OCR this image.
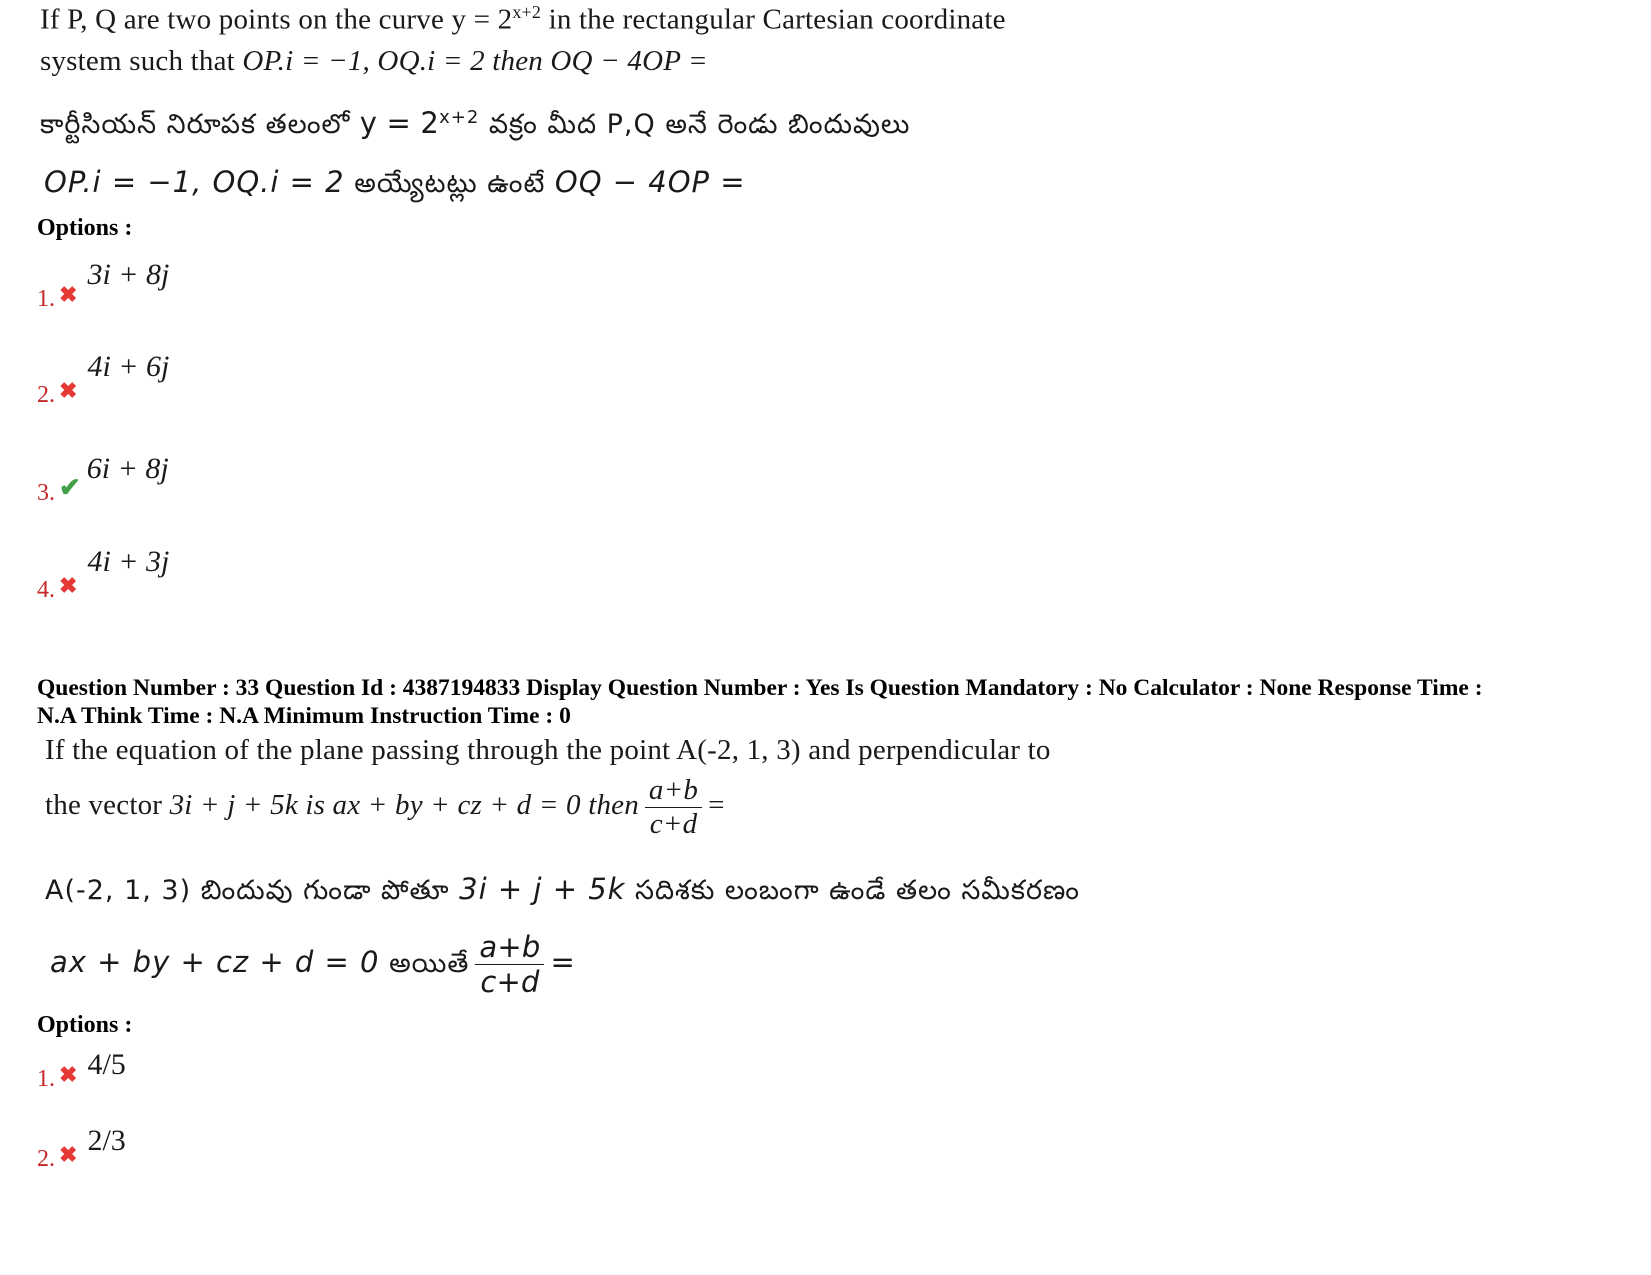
If P, Q are two points on the curve $y = 2^{x+2}$ in the rectangular Cartesian coordinate
system such that OP.i = −1, OQ.i = 2 then OQ − 4OP =
కార్టీసియన్ నిరూపక తలంలో $y = 2^{x+2}$ వక్రం మీద P,Q అనే రెండు బిందువులు
OP.i = −1, OQ.i = 2 అయ్యేటట్లు ఉంటే OQ − 4OP =
Options :
1. ✖ 3i + 8j
2. ✖ 4i + 6j
3. ✔ 6i + 8j
4. ✖ 4i + 3j
Question Number : 33 Question Id : 4387194833 Display Question Number : Yes Is Question Mandatory : No Calculator : None Response Time :
N.A Think Time : N.A Minimum Instruction Time : 0
If the equation of the plane passing through the point A(-2, 1, 3) and perpendicular to
the vector 3i + j + 5k is ax + by + cz + d = 0 then $\frac{a+b}{c+d}$ =
A(-2, 1, 3) బిందువు గుండా పోతూ 3i + j + 5k సదిశకు లంబంగా ఉండే తలం సమీకరణం
ax + by + cz + d = 0 అయితే $\frac{a+b}{c+d}$ =
Options :
1. ✖ 4/5
2. ✖ 2/3
